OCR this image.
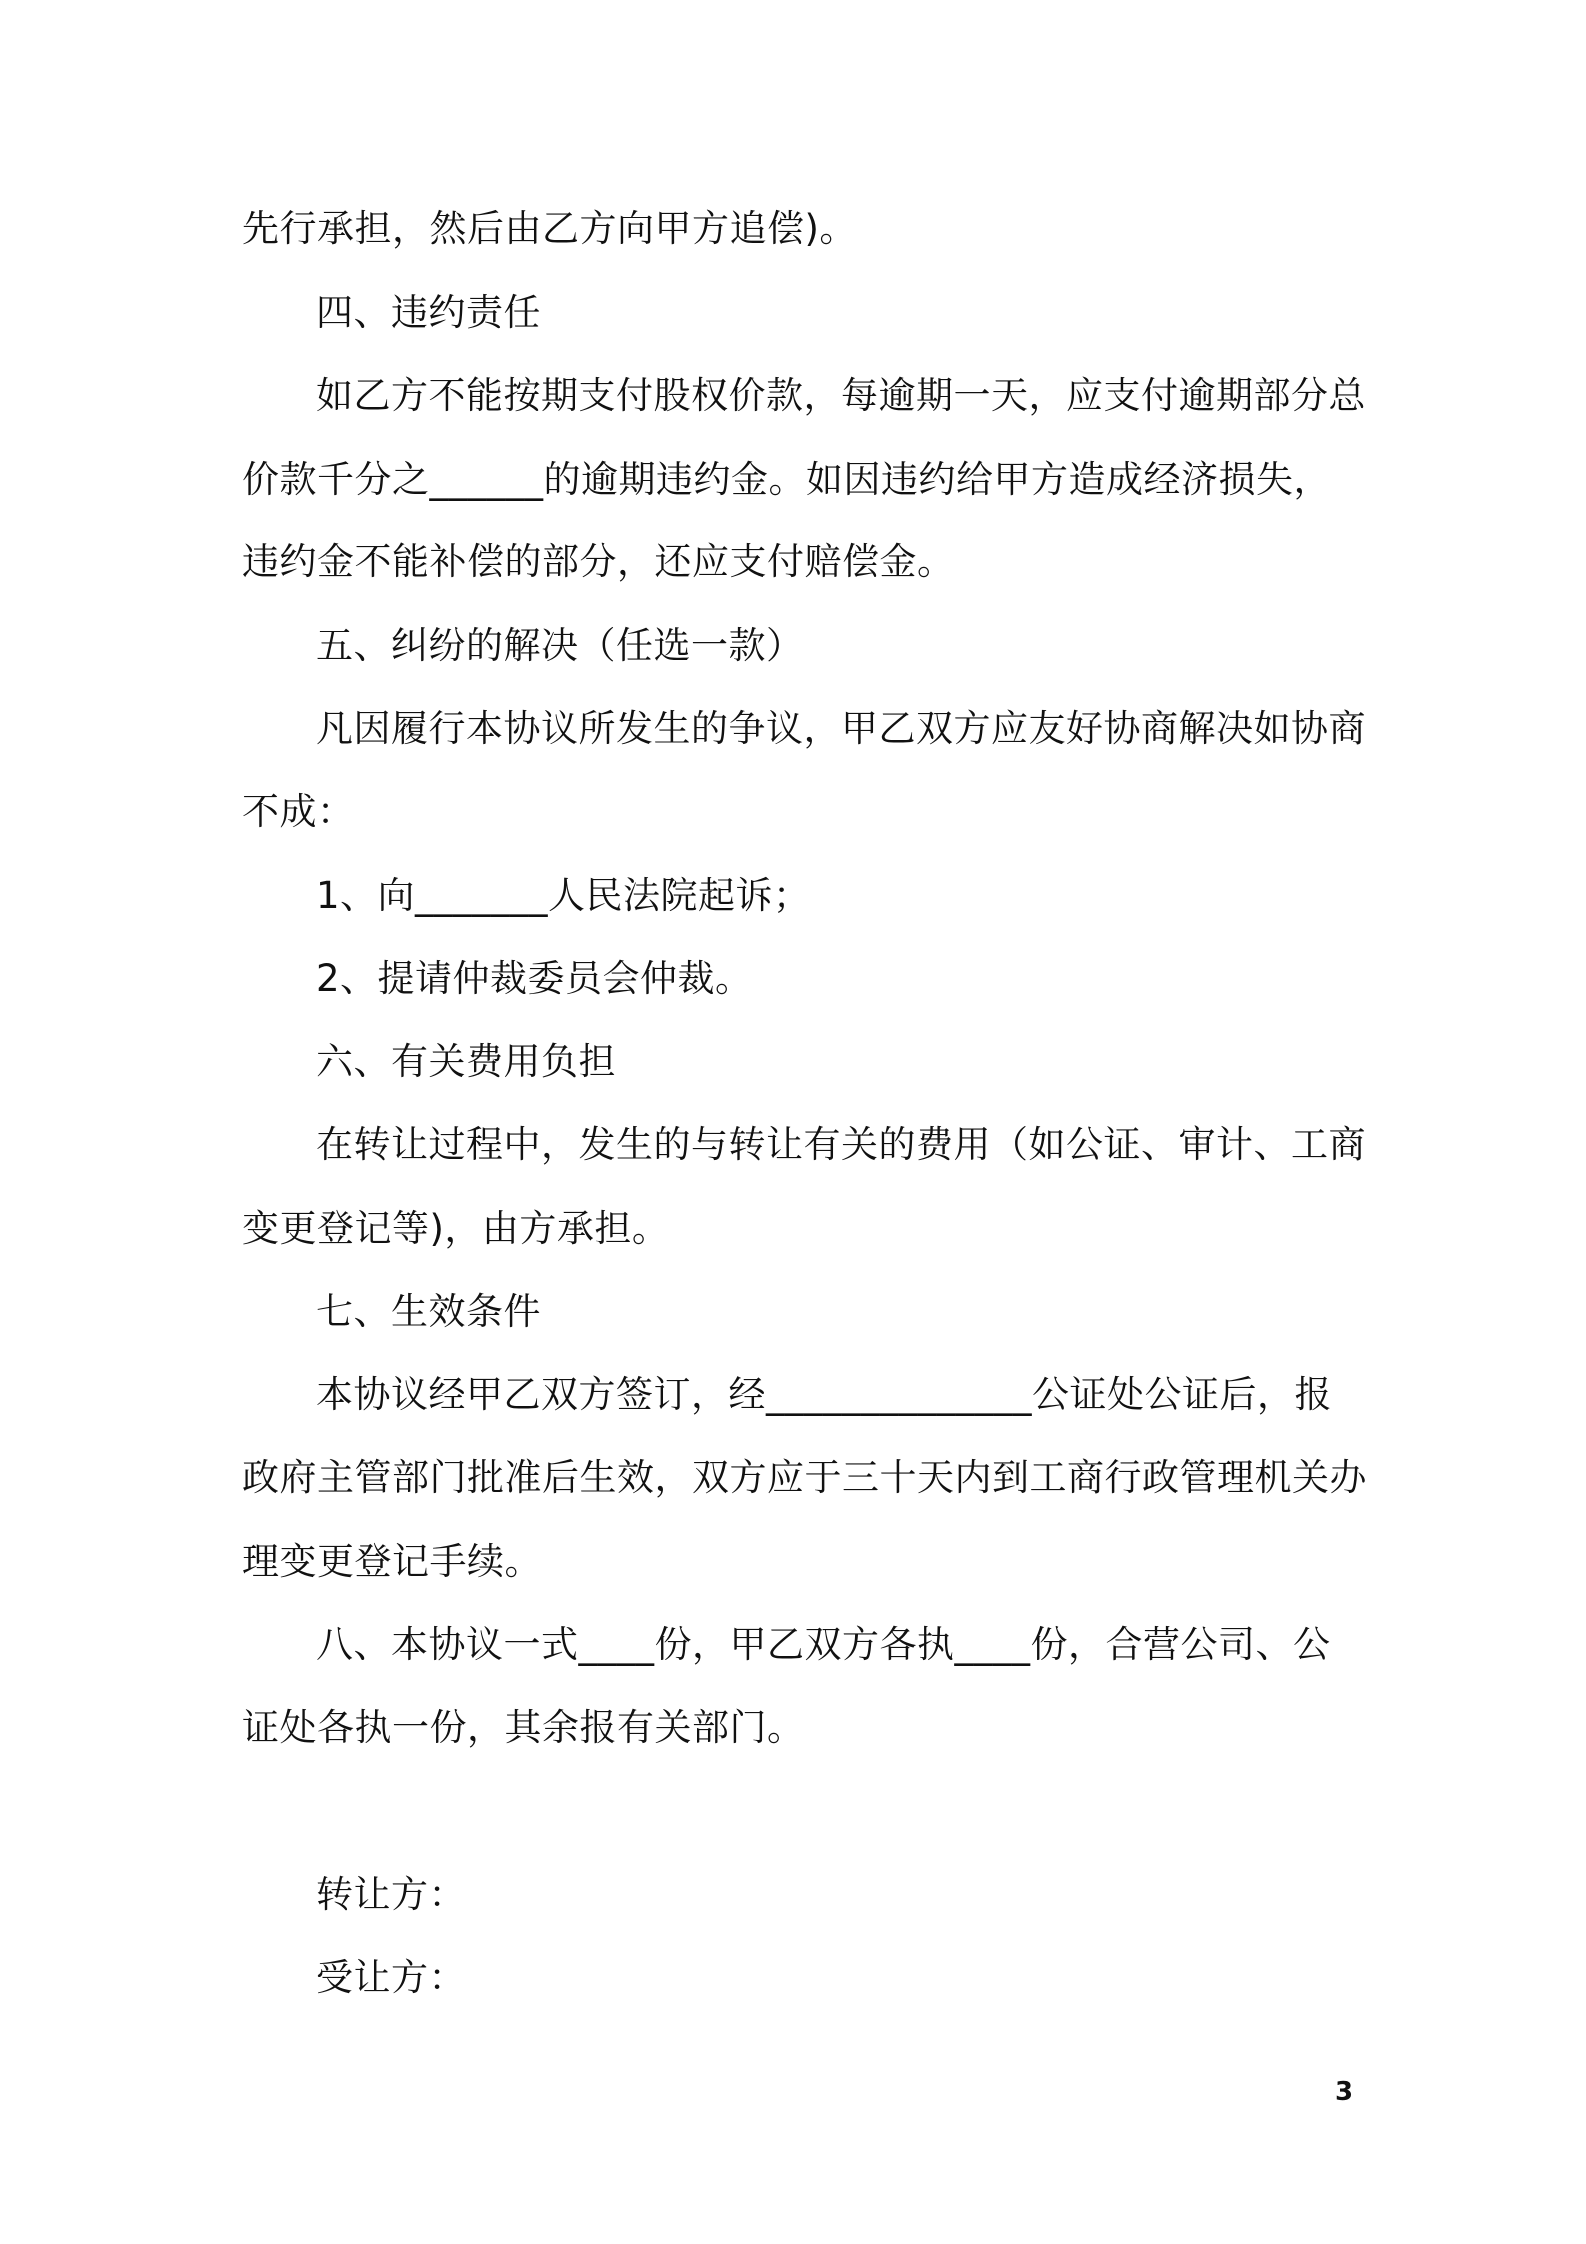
先行承担，然后由乙方向甲方追偿)。
四、违约责任
如乙方不能按期支付股权价款，每逾期一天，应支付逾期部分总
价款千分之______的逾期违约金。如因违约给甲方造成经济损失，
违约金不能补偿的部分，还应支付赔偿金。
五、纠纷的解决（任选一款）
凡因履行本协议所发生的争议，甲乙双方应友好协商解决如协商
不成：
1、向_______人民法院起诉；
2、提请仲裁委员会仲裁。
六、有关费用负担
在转让过程中，发生的与转让有关的费用（如公证、审计、工商
变更登记等)，由方承担。
七、生效条件
本协议经甲乙双方签订，经______________公证处公证后，报
政府主管部门批准后生效，双方应于三十天内到工商行政管理机关办
理变更登记手续。
八、本协议一式____份，甲乙双方各执____份，合营公司、公
证处各执一份，其余报有关部门。
转让方：
受让方：
3
